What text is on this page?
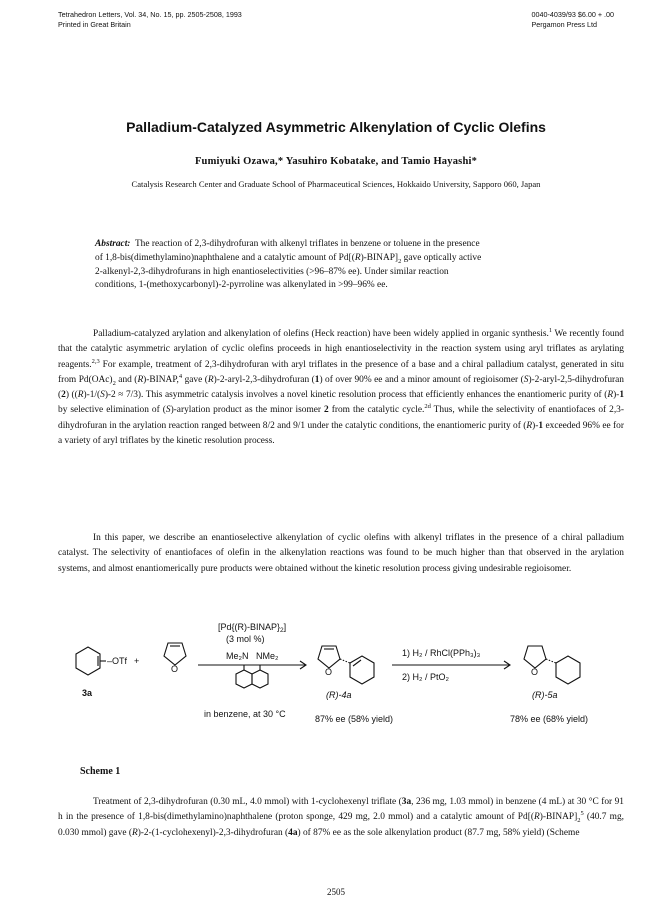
Tetrahedron Letters, Vol. 34, No. 15, pp. 2505-2508, 1993
Printed in Great Britain
0040-4039/93 $6.00 + .00
Pergamon Press Ltd
Palladium-Catalyzed Asymmetric Alkenylation of Cyclic Olefins
Fumiyuki Ozawa,* Yasuhiro Kobatake, and Tamio Hayashi*
Catalysis Research Center and Graduate School of Pharmaceutical Sciences, Hokkaido University, Sapporo 060, Japan
Abstract: The reaction of 2,3-dihydrofuran with alkenyl triflates in benzene or toluene in the presence
of 1,8-bis(dimethylamino)naphthalene and a catalytic amount of $Pd[(R)-BINAP]_2$ gave optically active
2-alkenyl-2,3-dihydrofurans in high enantioselectivities (>96–87% ee). Under similar reaction
conditions, 1-(methoxycarbonyl)-2-pyrroline was alkenylated in >99–96% ee.

Palladium-catalyzed arylation and alkenylation of olefins (Heck reaction) have been widely applied in organic synthesis.$^1$ We recently found that the catalytic asymmetric arylation of cyclic olefins proceeds in high enantioselectivity in the reaction system using aryl triflates as arylating reagents.$^{2,3}$ For example, treatment of 2,3-dihydrofuran with aryl triflates in the presence of a base and a chiral palladium catalyst, generated in situ from $Pd(OAc)_2$ and (R)-BINAP,$^4$ gave (R)-2-aryl-2,3-dihydrofuran (1) of over 90% ee and a minor amount of regioisomer (S)-2-aryl-2,5-dihydrofuran (2) ((R)-1/(S)-2 ≈ 7/3). This asymmetric catalysis involves a novel kinetic resolution process that efficiently enhances the enantiomeric purity of (R)-1 by selective elimination of (S)-arylation product as the minor isomer 2 from the catalytic cycle.$^{2d}$ Thus, while the selectivity of enantiofaces of 2,3-dihydrofuran in the arylation reaction ranged between 8/2 and 9/1 under the catalytic conditions, the enantiomeric purity of (R)-1 exceeded 96% ee for a variety of aryl triflates by the kinetic resolution process.

In this paper, we describe an enantioselective alkenylation of cyclic olefins with alkenyl triflates in the presence of a chiral palladium catalyst. The selectivity of enantiofaces of olefin in the alkenylation reactions was found to be much higher than that observed in the arylation systems, and almost enantiomerically pure products were obtained without the kinetic resolution process giving undesirable regioisomer.

–OTf +
O
3a
$[Pd\{(R)-BINAP\}_2]$
(3 mol %)
Me₂N NMe₂
in benzene, at 30 °C
O
(R)-4a
87% ee (58% yield)
1) H₂ / RhCl(PPh₃)₃
2) H₂ / PtO₂	O
(R)-5a
78% ee (68% yield)
Scheme 1

Treatment of 2,3-dihydrofuran (0.30 mL, 4.0 mmol) with 1-cyclohexenyl triflate (3a, 236 mg, 1.03 mmol) in benzene (4 mL) at 30 °C for 91 h in the presence of 1,8-bis(dimethylamino)naphthalene (proton sponge, 429 mg, 2.0 mmol) and a catalytic amount of $Pd[(R)-BINAP]_2^5$ (40.7 mg, 0.030 mmol) gave (R)-2-(1-cyclohexenyl)-2,3-dihydrofuran (4a) of 87% ee as the sole alkenylation product (87.7 mg, 58% yield) (Scheme

2505
